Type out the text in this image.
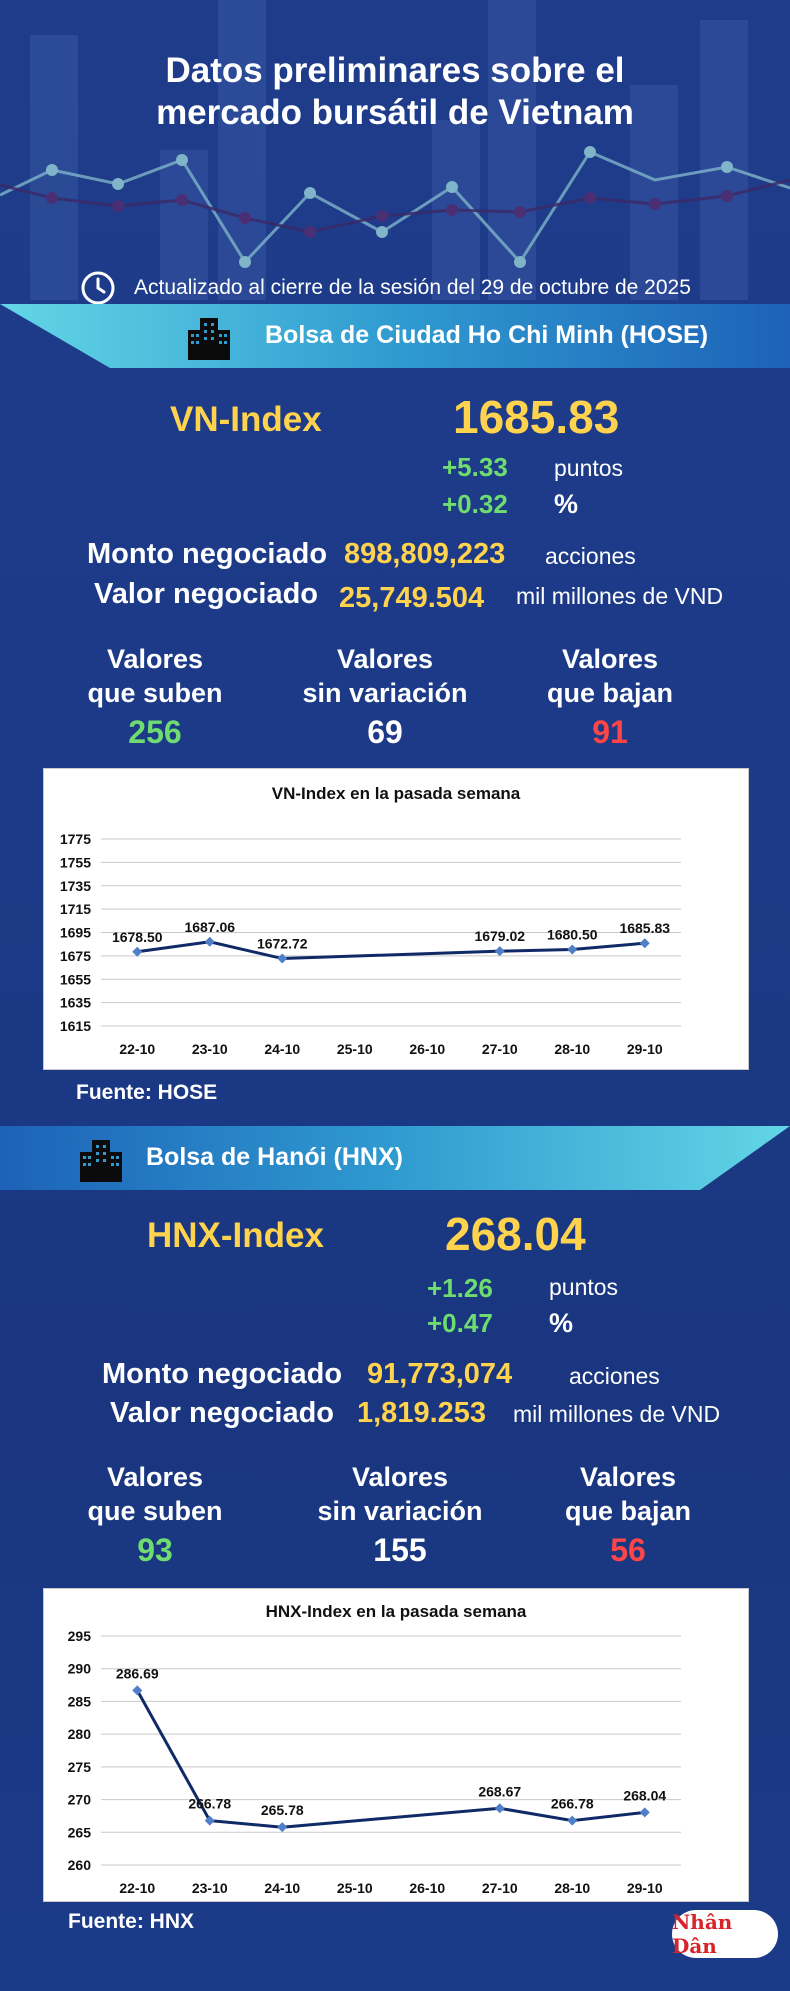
Datos preliminares sobre el
mercado bursátil de Vietnam
Actualizado al cierre de la sesión del 29 de octubre de 2025
Bolsa de Ciudad Ho Chi Minh (HOSE)
VN-Index	1685.83
+5.33 puntos
+0.32 %
Monto negociado 898,809,223 acciones
Valor negociado 25,749.504 mil millones de VND
Valores
que suben
256
Valores
sin variación
69
Valores
que bajan
91
VN-Index en la pasada semana
1615
1635
1655
1675
1695
1715
1735
1755
1775
22-10	23-10	24-10	25-10	26-10	27-10	28-10	29-10
1678.50
1687.06
1672.72	1679.02 1680.50 1685.83
Fuente: HOSE
Bolsa de Hanói (HNX)
HNX-Index	268.04
+1.26 puntos
+0.47 %
Monto negociado 91,773,074 acciones
Valor negociado 1,819.253 mil millones de VND
Valores
que suben
93
Valores
sin variación
155
Valores
que bajan
56
HNX-Index en la pasada semana
260
265
270
275
280
285
290
295
22-10	23-10	24-10	25-10	26-10	27-10	28-10	29-10
286.69
266.78 265.78
268.67
266.78
268.04
Fuente: HNX	Nhân Dân
